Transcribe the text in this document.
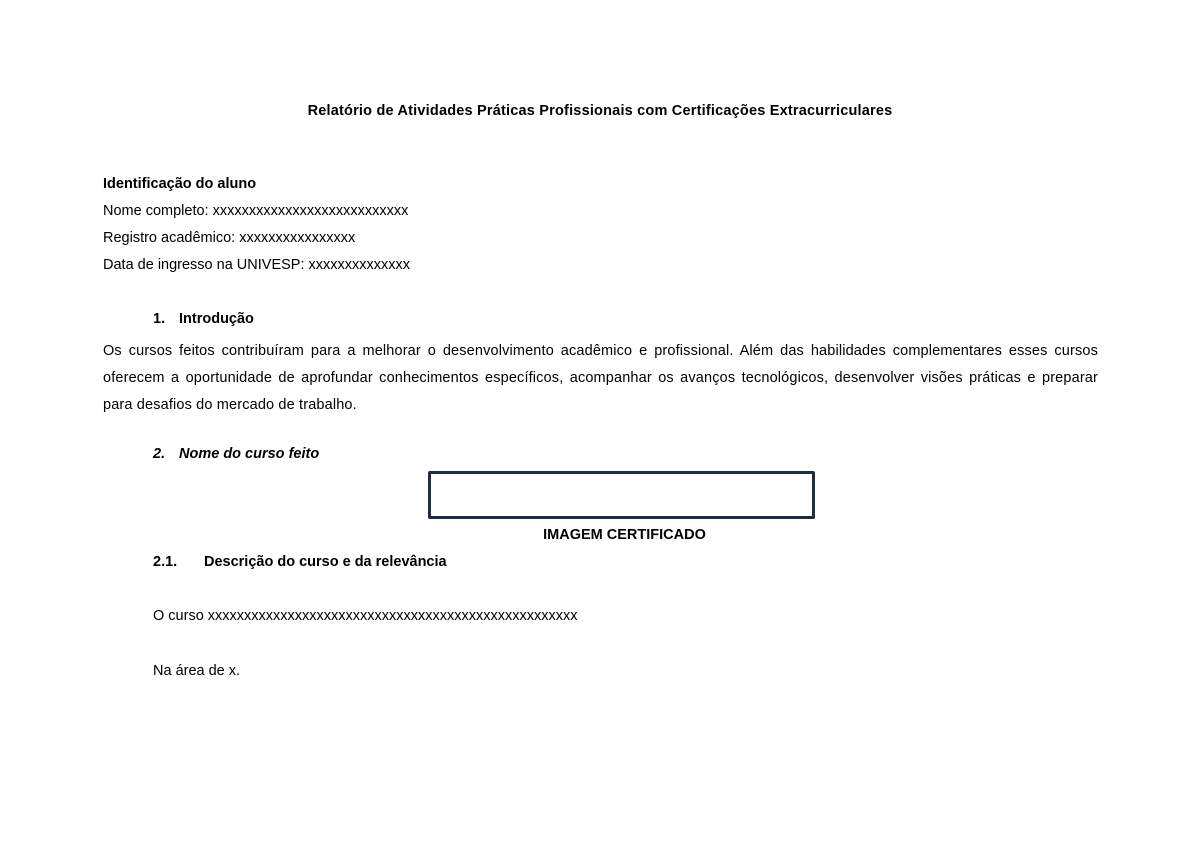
Relatório de Atividades Práticas Profissionais com Certificações Extracurriculares
Identificação do aluno
Nome completo: xxxxxxxxxxxxxxxxxxxxxxxxxxx
Registro acadêmico: xxxxxxxxxxxxxxxx
Data de ingresso na UNIVESP: xxxxxxxxxxxxxx
1. Introdução
Os cursos feitos contribuíram para a melhorar o desenvolvimento acadêmico e profissional. Além das habilidades complementares esses cursos oferecem a oportunidade de aprofundar conhecimentos específicos, acompanhar os avanços tecnológicos, desenvolver visões práticas e preparar para desafios do mercado de trabalho.
2. Nome do curso feito
IMAGEM CERTIFICADO
2.1. Descrição do curso e da relevância
O curso xxxxxxxxxxxxxxxxxxxxxxxxxxxxxxxxxxxxxxxxxxxxxxxxxxx
Na área de x.
